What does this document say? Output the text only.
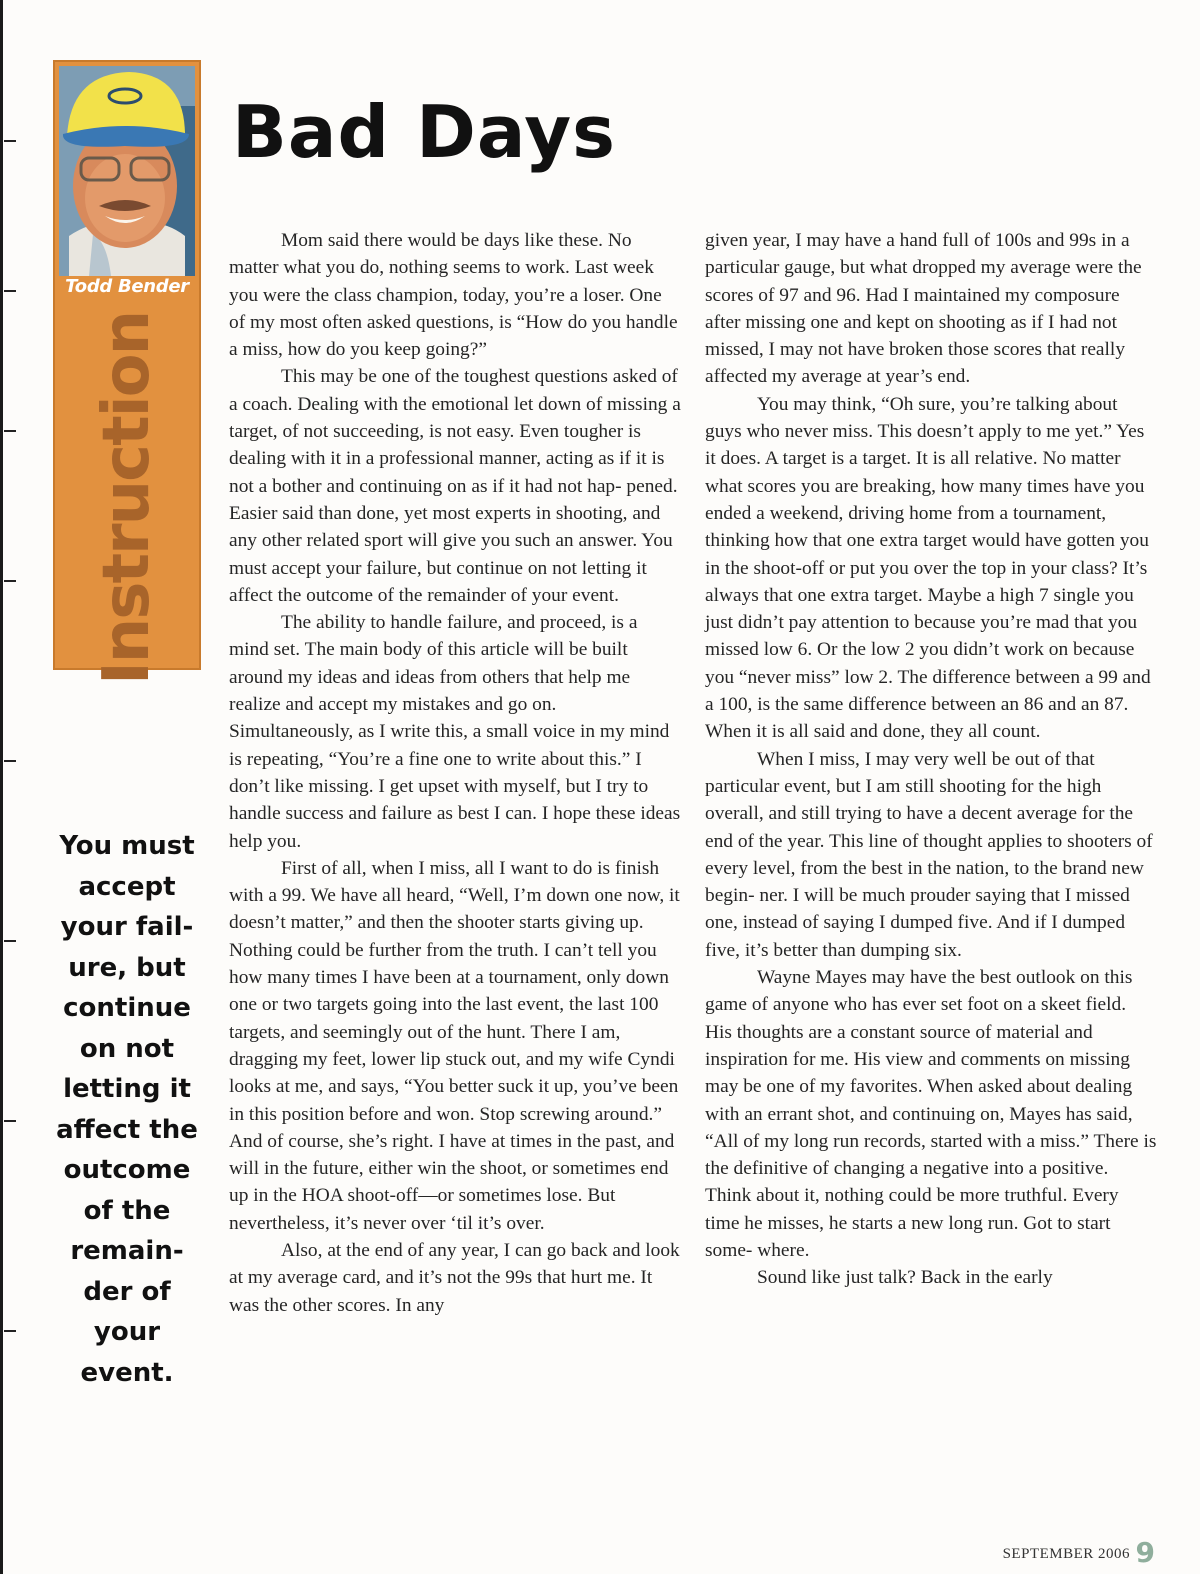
Todd Bender
Instruction
Bad Days

You must accept your fail- ure, but continue on not letting it affect the outcome of the remain- der of your event.

Mom said there would be days like these. No matter what you do, nothing seems to work. Last week you were the class champion, today, you’re a loser. One of my most often asked questions, is “How do you handle a miss, how do you keep going?”

This may be one of the toughest questions asked of a coach. Dealing with the emotional let down of missing a target, of not succeeding, is not easy. Even tougher is dealing with it in a professional manner, acting as if it is not a bother and continuing on as if it had not hap- pened. Easier said than done, yet most experts in shooting, and any other related sport will give you such an answer. You must accept your failure, but continue on not letting it affect the outcome of the remainder of your event.

The ability to handle failure, and proceed, is a mind set. The main body of this article will be built around my ideas and ideas from others that help me realize and accept my mistakes and go on. Simultaneously, as I write this, a small voice in my mind is repeating, “You’re a fine one to write about this.” I don’t like missing. I get upset with myself, but I try to handle success and failure as best I can. I hope these ideas help you.

First of all, when I miss, all I want to do is finish with a 99. We have all heard, “Well, I’m down one now, it doesn’t matter,” and then the shooter starts giving up. Nothing could be further from the truth. I can’t tell you how many times I have been at a tournament, only down one or two targets going into the last event, the last 100 targets, and seemingly out of the hunt. There I am, dragging my feet, lower lip stuck out, and my wife Cyndi looks at me, and says, “You better suck it up, you’ve been in this position before and won. Stop screwing around.” And of course, she’s right. I have at times in the past, and will in the future, either win the shoot, or sometimes end up in the HOA shoot-off—or sometimes lose. But nevertheless, it’s never over ‘til it’s over.

Also, at the end of any year, I can go back and look at my average card, and it’s not the 99s that hurt me. It was the other scores. In any

given year, I may have a hand full of 100s and 99s in a particular gauge, but what dropped my average were the scores of 97 and 96. Had I maintained my composure after missing one and kept on shooting as if I had not missed, I may not have broken those scores that really affected my average at year’s end.

You may think, “Oh sure, you’re talking about guys who never miss. This doesn’t apply to me yet.” Yes it does. A target is a target. It is all relative. No matter what scores you are breaking, how many times have you ended a weekend, driving home from a tournament, thinking how that one extra target would have gotten you in the shoot-off or put you over the top in your class? It’s always that one extra target. Maybe a high 7 single you just didn’t pay attention to because you’re mad that you missed low 6. Or the low 2 you didn’t work on because you “never miss” low 2. The difference between a 99 and a 100, is the same difference between an 86 and an 87. When it is all said and done, they all count.

When I miss, I may very well be out of that particular event, but I am still shooting for the high overall, and still trying to have a decent average for the end of the year. This line of thought applies to shooters of every level, from the best in the nation, to the brand new begin- ner. I will be much prouder saying that I missed one, instead of saying I dumped five. And if I dumped five, it’s better than dumping six.

Wayne Mayes may have the best outlook on this game of anyone who has ever set foot on a skeet field. His thoughts are a constant source of material and inspiration for me. His view and comments on missing may be one of my favorites. When asked about dealing with an errant shot, and continuing on, Mayes has said, “All of my long run records, started with a miss.” There is the definitive of changing a negative into a positive. Think about it, nothing could be more truthful. Every time he misses, he starts a new long run. Got to start some- where.

Sound like just talk? Back in the early

SEPTEMBER 2006 9
